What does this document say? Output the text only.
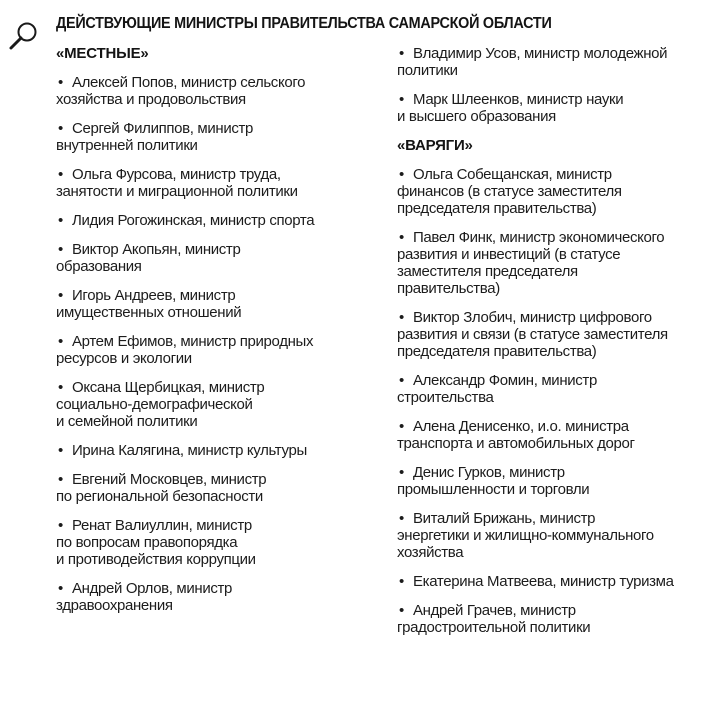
ДЕЙСТВУЮЩИЕ МИНИСТРЫ ПРАВИТЕЛЬСТВА САМАРСКОЙ ОБЛАСТИ
«МЕСТНЫЕ»
• Алексей Попов, министр сельского
хозяйства и продовольствия
• Сергей Филиппов, министр
внутренней политики
• Ольга Фурсова, министр труда,
занятости и миграционной политики
• Лидия Рогожинская, министр спорта
• Виктор Акопьян, министр
образования
• Игорь Андреев, министр
имущественных отношений
• Артем Ефимов, министр природных
ресурсов и экологии
• Оксана Щербицкая, министр
социально-демографической
и семейной политики
• Ирина Калягина, министр культуры
• Евгений Московцев, министр
по региональной безопасности
• Ренат Валиуллин, министр
по вопросам правопорядка
и противодействия коррупции
• Андрей Орлов, министр
здравоохранения
• Владимир Усов, министр молодежной
политики
• Марк Шлеенков, министр науки
и высшего образования
«ВАРЯГИ»
• Ольга Собещанская, министр
финансов (в статусе заместителя
председателя правительства)
• Павел Финк, министр экономического
развития и инвестиций (в статусе
заместителя председателя
правительства)
• Виктор Злобич, министр цифрового
развития и связи (в статусе заместителя
председателя правительства)
• Александр Фомин, министр
строительства
• Алена Денисенко, и.о. министра
транспорта и автомобильных дорог
• Денис Гурков, министр
промышленности и торговли
• Виталий Брижань, министр
энергетики и жилищно-коммунального
хозяйства
• Екатерина Матвеева, министр туризма
• Андрей Грачев, министр
градостроительной политики
